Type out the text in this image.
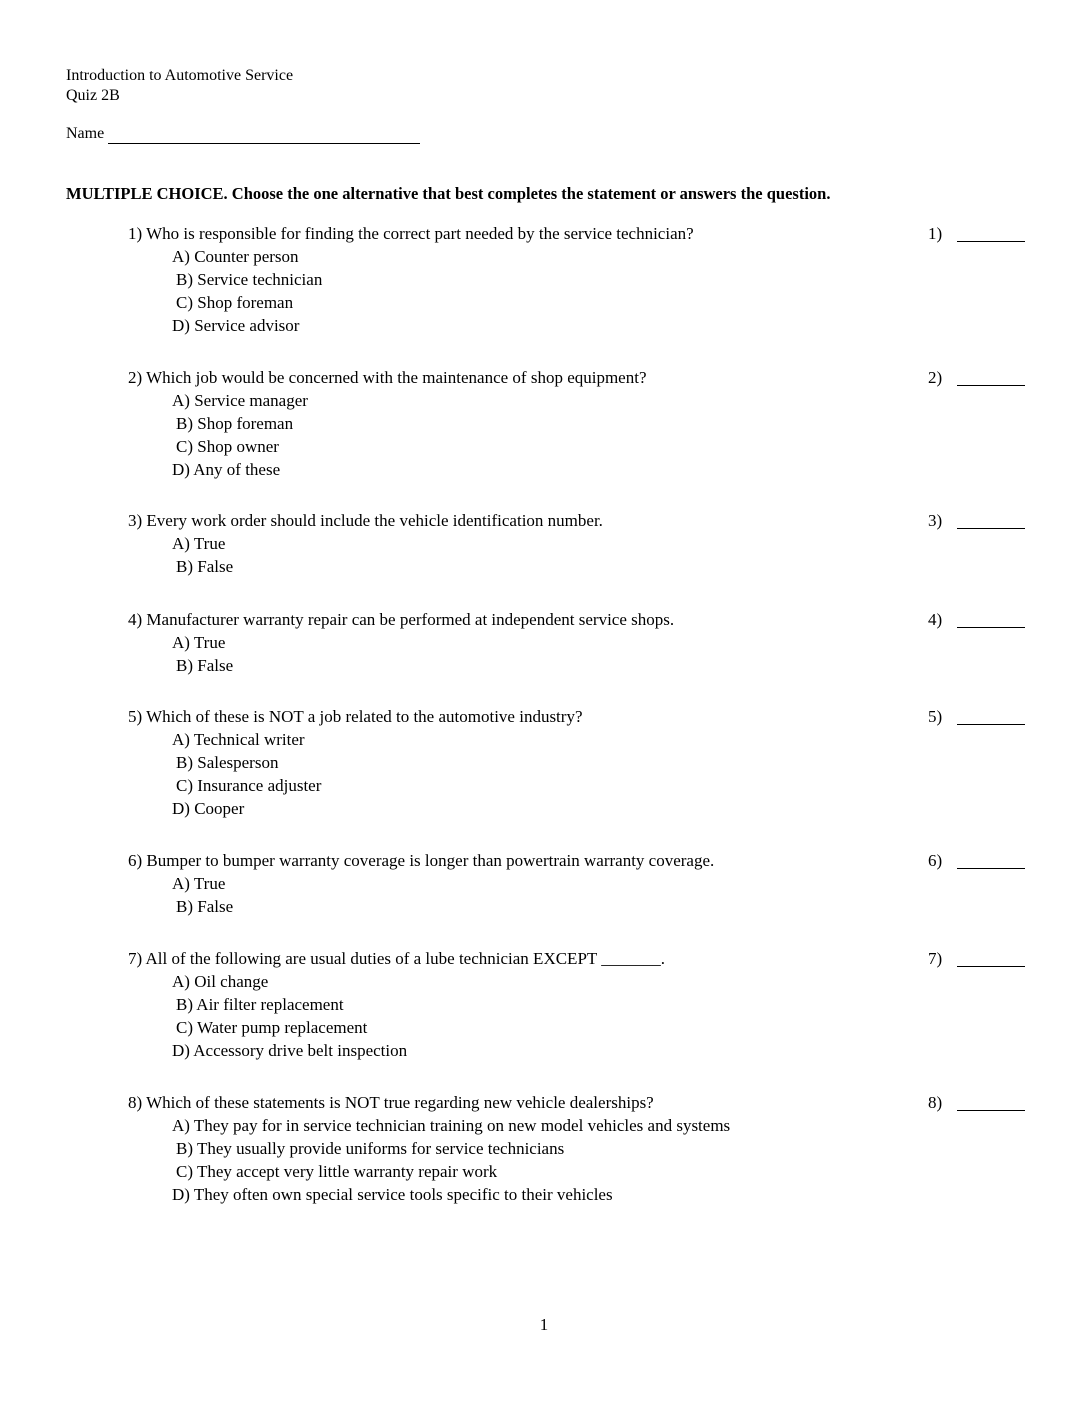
Introduction to Automotive Service
Quiz 2B
Name
MULTIPLE CHOICE. Choose the one alternative that best completes the statement or answers the question.
1) Who is responsible for finding the correct part needed by the service technician?
A) Counter person
B) Service technician
C) Shop foreman
D) Service advisor
1)
2) Which job would be concerned with the maintenance of shop equipment?
A) Service manager
B) Shop foreman
C) Shop owner
D) Any of these
2)
3) Every work order should include the vehicle identification number.
A) True
B) False
3)
4) Manufacturer warranty repair can be performed at independent service shops.
A) True
B) False
4)
5) Which of these is NOT a job related to the automotive industry?
A) Technical writer
B) Salesperson
C) Insurance adjuster
D) Cooper
5)
6) Bumper to bumper warranty coverage is longer than powertrain warranty coverage.
A) True
B) False
6)
7) All of the following are usual duties of a lube technician EXCEPT _______.
A) Oil change
B) Air filter replacement
C) Water pump replacement
D) Accessory drive belt inspection
7)
8) Which of these statements is NOT true regarding new vehicle dealerships?
A) They pay for in service technician training on new model vehicles and systems
B) They usually provide uniforms for service technicians
C) They accept very little warranty repair work
D) They often own special service tools specific to their vehicles
8)
1
